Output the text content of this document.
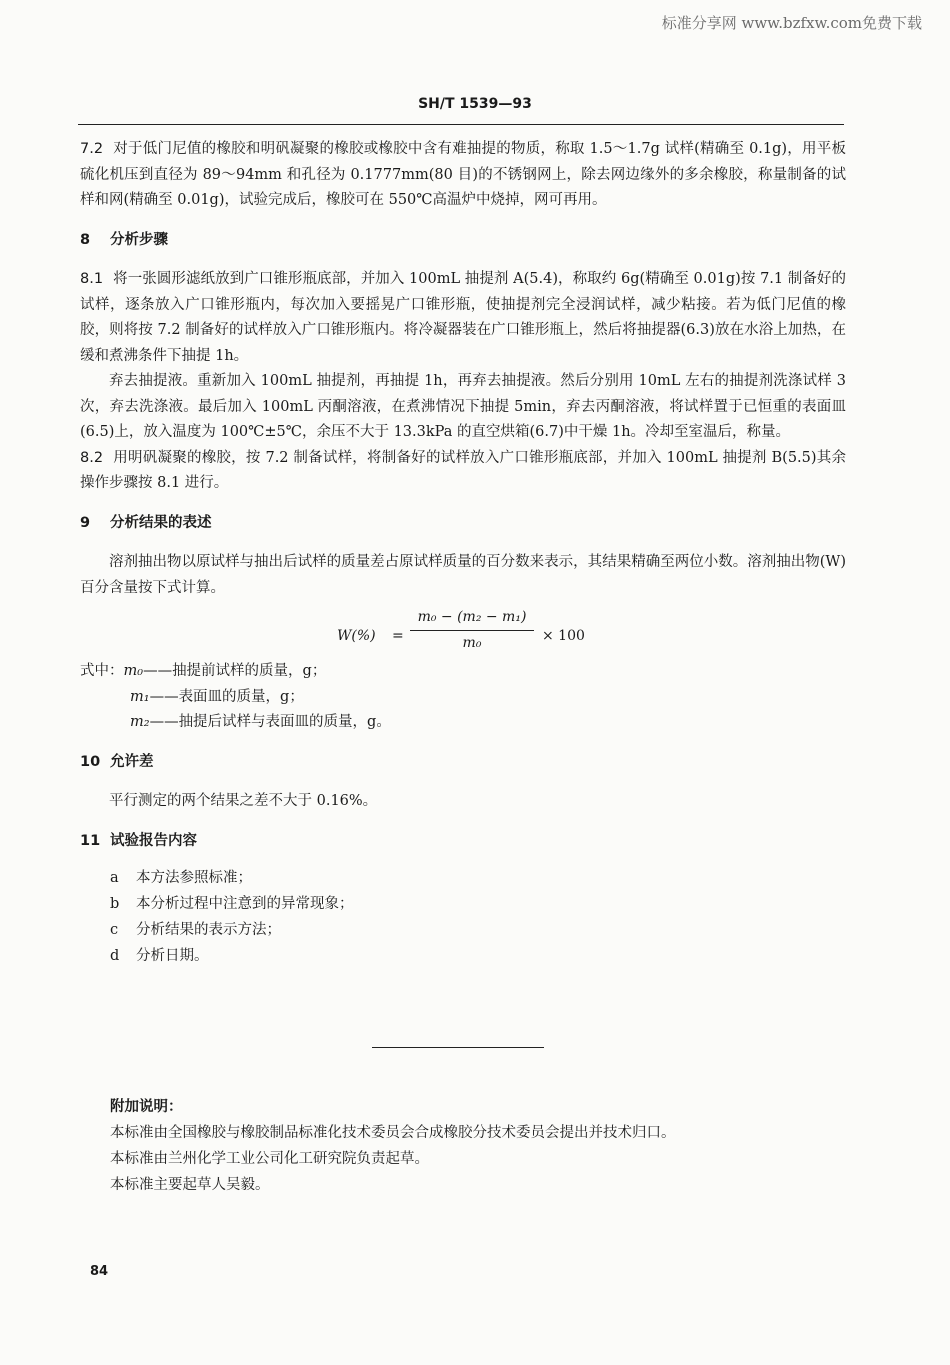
标准分享网 www.bzfxw.com免费下载
SH/T 1539—93

7.2 对于低门尼值的橡胶和明矾凝聚的橡胶或橡胶中含有难抽提的物质，称取 1.5～1.7g 试样(精确至 0.1g)，用平板硫化机压到直径为 89～94mm 和孔径为 0.1777mm(80 目)的不锈钢网上，除去网边缘外的多余橡胶，称量制备的试样和网(精确至 0.01g)，试验完成后，橡胶可在 550℃高温炉中烧掉，网可再用。

8 分析步骤

8.1 将一张圆形滤纸放到广口锥形瓶底部，并加入 100mL 抽提剂 A(5.4)，称取约 6g(精确至 0.01g)按 7.1 制备好的试样，逐条放入广口锥形瓶内，每次加入要摇晃广口锥形瓶，使抽提剂完全浸润试样，减少粘接。若为低门尼值的橡胶，则将按 7.2 制备好的试样放入广口锥形瓶内。将冷凝器装在广口锥形瓶上，然后将抽提器(6.3)放在水浴上加热，在缓和煮沸条件下抽提 1h。

弃去抽提液。重新加入 100mL 抽提剂，再抽提 1h，再弃去抽提液。然后分别用 10mL 左右的抽提剂洗涤试样 3 次，弃去洗涤液。最后加入 100mL 丙酮溶液，在煮沸情况下抽提 5min，弃去丙酮溶液，将试样置于已恒重的表面皿(6.5)上，放入温度为 100℃±5℃，余压不大于 13.3kPa 的直空烘箱(6.7)中干燥 1h。冷却至室温后，称量。

8.2 用明矾凝聚的橡胶，按 7.2 制备试样，将制备好的试样放入广口锥形瓶底部，并加入 100mL 抽提剂 B(5.5)其余操作步骤按 8.1 进行。

9 分析结果的表述

溶剂抽出物以原试样与抽出后试样的质量差占原试样质量的百分数来表示，其结果精确至两位小数。溶剂抽出物(W)百分含量按下式计算。

W(%) =
m₀ − (m₂ − m₁)
m₀	× 100

式中：m₀——抽提前试样的质量，g；

m₁——表面皿的质量，g；

m₂——抽提后试样与表面皿的质量，g。

10 允许差

平行测定的两个结果之差不大于 0.16%。

11 试验报告内容

a 本方法参照标准；

b 本分析过程中注意到的异常现象；

c 分析结果的表示方法；

d 分析日期。

附加说明：

本标准由全国橡胶与橡胶制品标准化技术委员会合成橡胶分技术委员会提出并技术归口。

本标准由兰州化学工业公司化工研究院负责起草。

本标准主要起草人吴毅。

84
